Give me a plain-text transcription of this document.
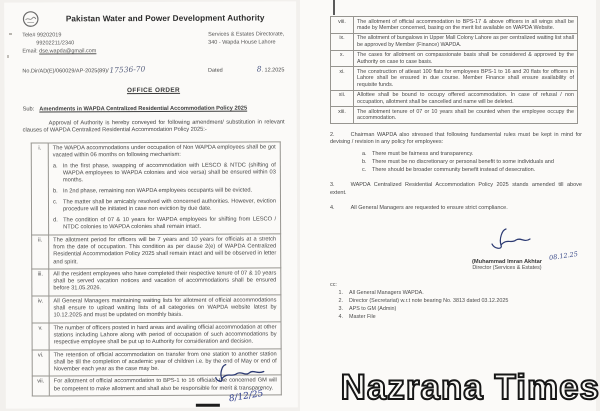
Pakistan Water and Power Development Authority
Tele# 99202019
99202211/2340
Email: dse.wapda@gmail.com
Services & Estates Directorate,
340 - Wapda House Lahore
No.Dir/AD(E)/060029/AP-2025(89)/ 17536-70	Dated	8. 12.2025
OFFICE ORDER
Sub: Amendments in WAPDA Centralized Residential Accommodation Policy 2025
Approval of Authority is hereby conveyed for following amendment/ substitution in relevant clauses of WAPDA Centralized Residential Accommodation Policy 2025:-
i.	The WAPDA accommodations under occupation of Non WAPDA employees shall be got vacated within 06 months on following mechanism:
a. In the first phase, swapping of accommodation with LESCO & NTDC (shifting of WAPDA employees to WAPDA colonies and vice versa) shall be ensured within 03 months.
b. In 2nd phase, remaining non WAPDA employees occupants will be evicted.
c. The matter shall be amicably resolved with concerned authorities. However, eviction procedure will be initiated in case non eviction by due date.
d. The condition of 07 & 10 years for WAPDA employees for shifting from LESCO / NTDC colonies to WAPDA colonies shall remain intact.

ii.	The allotment period for officers will be 7 years and 10 years for officials at a stretch from the date of occupation. This condition as per clause 2(e) of WAPDA Centralized Residential Accommodation Policy 2025 shall remain intact and will be observed in letter and spirit.
iii.	All the resident employees who have completed their respective tenure of 07 & 10 years shall be served vacation notices and vacation of accommodations shall be ensured before 31.05.2026.
iv.	All General Managers maintaining waiting lists for allotment of official accommodations shall ensure to upload waiting lists of all categories on WAPDA website latest by 10.12.2025 and must be updated on monthly basis.
v.	The number of officers posted in hard areas and availing official accommodation at other stations including Lahore along with period of occupation of such accommodations by respective employee shall be put up to Authority for consideration and decision.
vi.	The retention of official accommodation on transfer from one station to another station shall be till the completion of academic year of children i.e. by the end of May or end of November each year as the case may be.
vii.	For allotment of official accommodation to BPS-1 to 16 officials, the concerned GM will be competent to make allotment and shall also be responsible for merit & transparency.
8/12/25
viii.	The allotment of official accommodation to BPS-17 & above officers in all wings shall be made by Member concerned, basing on the merit list available on WAPDA Website.
ix.	The allotment of bungalows in Upper Mall Colony Lahore as per centralized waiting list shall be approved by Member (Finance) WAPDA.
x.	The cases for allotment on compassionate basis shall be considered & approved by the Authority on case to case basis.
xi.	The construction of atleast 100 flats for employees BPS-1 to 16 and 20 flats for officers in Lahore shall be ensured in due course. Member Finance shall ensure availability of requisite funds.
xii.	Allottee shall be bound to occupy offered accommodation. In case of refusal / non occupation, allotment shall be cancelled and name will be deleted.
xiii.	The allotment tenure of 07 or 10 years shall be counted when the employee occupy the accommodation.
2.	Chairman WAPDA also stressed that following fundamental rules must be kept in mind for devising / revision in any policy for employees:
a. There must be fairness and transparency.
b. There must be no discretionary or personal benefit to some individuals and
c.	There should be broader community benefit instead of desecration.
3.	WAPDA Centralized Residential Accommodation Policy 2025 stands amended till above extent.
4.	All General Managers are requested to ensure strict compliance.
08.12.25
(Muhammad Imran Akhtar
Director (Services & Estates)
cc:
1. All General Managers WAPDA.
2. Director (Secretariat) w.r.t note bearing No. 3813 dated 03.12.2025
3. APS to GM (Admin)
4. Master File
Nazrana Times
